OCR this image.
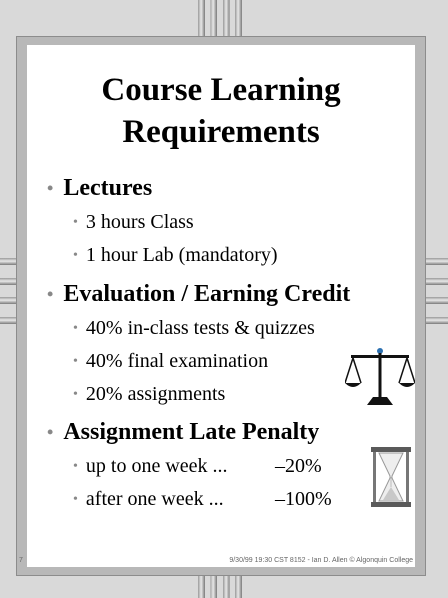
Course Learning
Requirements
• Lectures
• 3 hours Class
• 1 hour Lab (mandatory)
• Evaluation / Earning Credit
• 40% in-class tests & quizzes
• 40% final examination
• 20% assignments
• Assignment Late Penalty
• up to one week ... –20%
• after one week ...	–100%
7	9/30/99 19:30 CST 8152 - Ian D. Allen © Algonquin College
